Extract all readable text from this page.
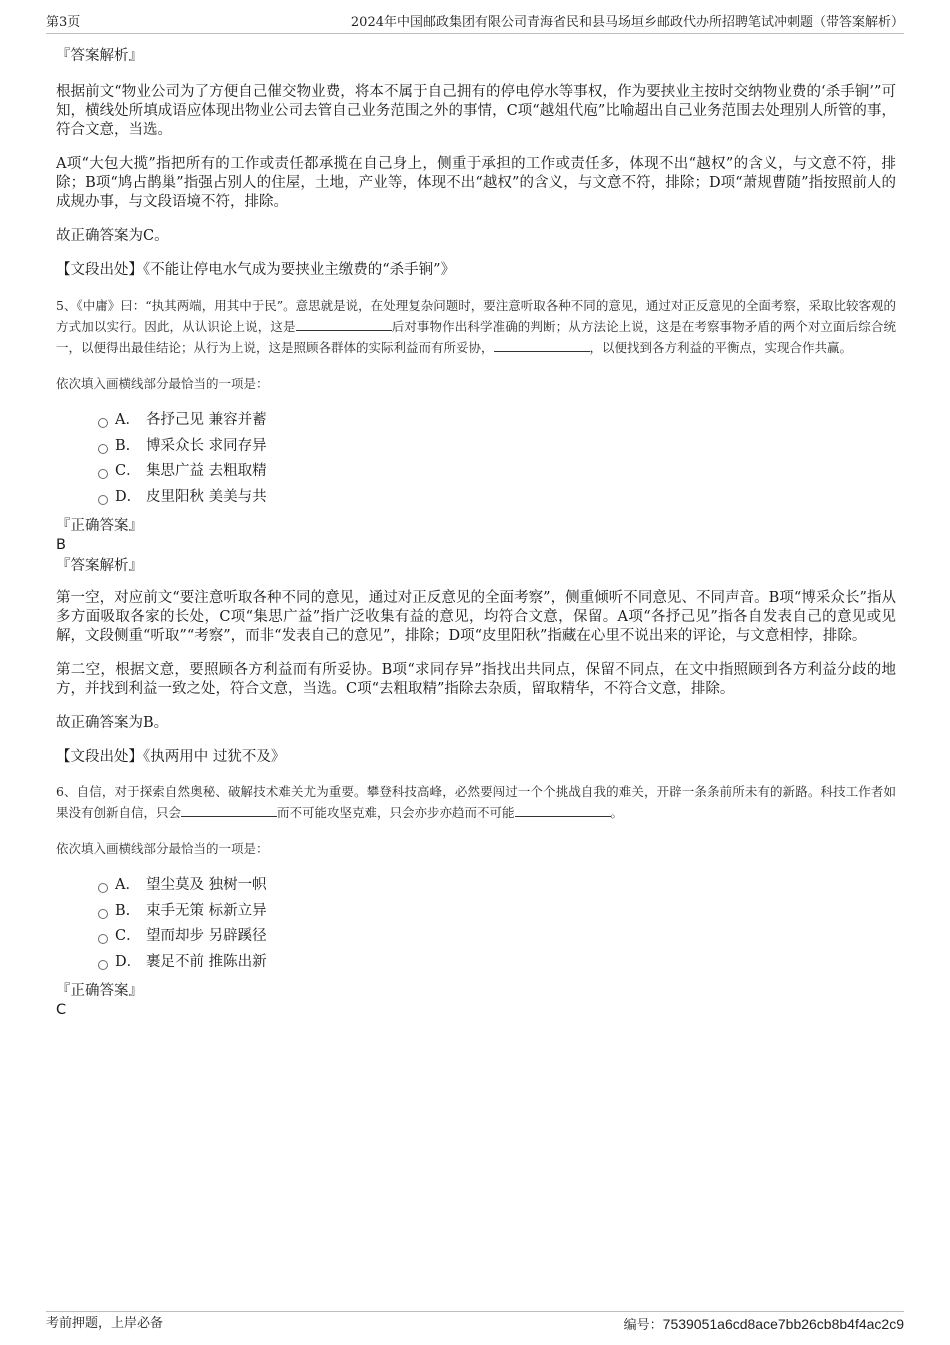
第3页	2024年中国邮政集团有限公司青海省民和县马场垣乡邮政代办所招聘笔试冲刺题（带答案解析）

『答案解析』

根据前文“物业公司为了方便自己催交物业费，将本不属于自己拥有的停电停水等事权，作为要挟业主按时交纳物业费的‘杀手锏’”可知，横线处所填成语应体现出物业公司去管自己业务范围之外的事情，C项“越俎代庖”比喻超出自己业务范围去处理别人所管的事，符合文意，当选。

A项“大包大揽”指把所有的工作或责任都承揽在自己身上，侧重于承担的工作或责任多，体现不出“越权”的含义，与文意不符，排除；B项“鸠占鹊巢”指强占别人的住屋，土地，产业等，体现不出“越权”的含义，与文意不符，排除；D项“萧规曹随”指按照前人的成规办事，与文段语境不符，排除。

故正确答案为C。

【文段出处】《不能让停电水气成为要挟业主缴费的“杀手锏”》

5、《中庸》曰：“执其两端，用其中于民”。意思就是说，在处理复杂问题时，要注意听取各种不同的意见，通过对正反意见的全面考察，采取比较客观的方式加以实行。因此，从认识论上说，这是	后对事物作出科学准确的判断；从方法论上说，这是在考察事物矛盾的两个对立面后综合统一，以便得出最佳结论；从行为上说，这是照顾各群体的实际利益而有所妥协，	，以便找到各方利益的平衡点，实现合作共赢。

依次填入画横线部分最恰当的一项是：

A． 各抒己见 兼容并蓄
B. 博采众长 求同存异
C． 集思广益 去粗取精
D． 皮里阳秋 美美与共

『正确答案』

B

『答案解析』

第一空，对应前文“要注意听取各种不同的意见，通过对正反意见的全面考察”，侧重倾听不同意见、不同声音。B项“博采众长”指从多方面吸取各家的长处，C项“集思广益”指广泛收集有益的意见，均符合文意，保留。A项“各抒己见”指各自发表自己的意见或见解，文段侧重“听取”“考察”，而非“发表自己的意见”，排除；D项“皮里阳秋”指藏在心里不说出来的评论，与文意相悖，排除。

第二空，根据文意，要照顾各方利益而有所妥协。B项“求同存异”指找出共同点，保留不同点，在文中指照顾到各方利益分歧的地方，并找到利益一致之处，符合文意，当选。C项“去粗取精”指除去杂质，留取精华，不符合文意，排除。

故正确答案为B。

【文段出处】《执两用中 过犹不及》

6、自信，对于探索自然奥秘、破解技术难关尤为重要。攀登科技高峰，必然要闯过一个个挑战自我的难关，开辟一条条前所未有的新路。科技工作者如果没有创新自信，只会	而不可能攻坚克难，只会亦步亦趋而不可能	。

依次填入画横线部分最恰当的一项是：

A． 望尘莫及 独树一帜
B. 束手无策 标新立异
C． 望而却步 另辟蹊径
D． 裹足不前 推陈出新

『正确答案』

C

考前押题，上岸必备	编号：7539051a6cd8ace7bb26cb8b4f4ac2c9
